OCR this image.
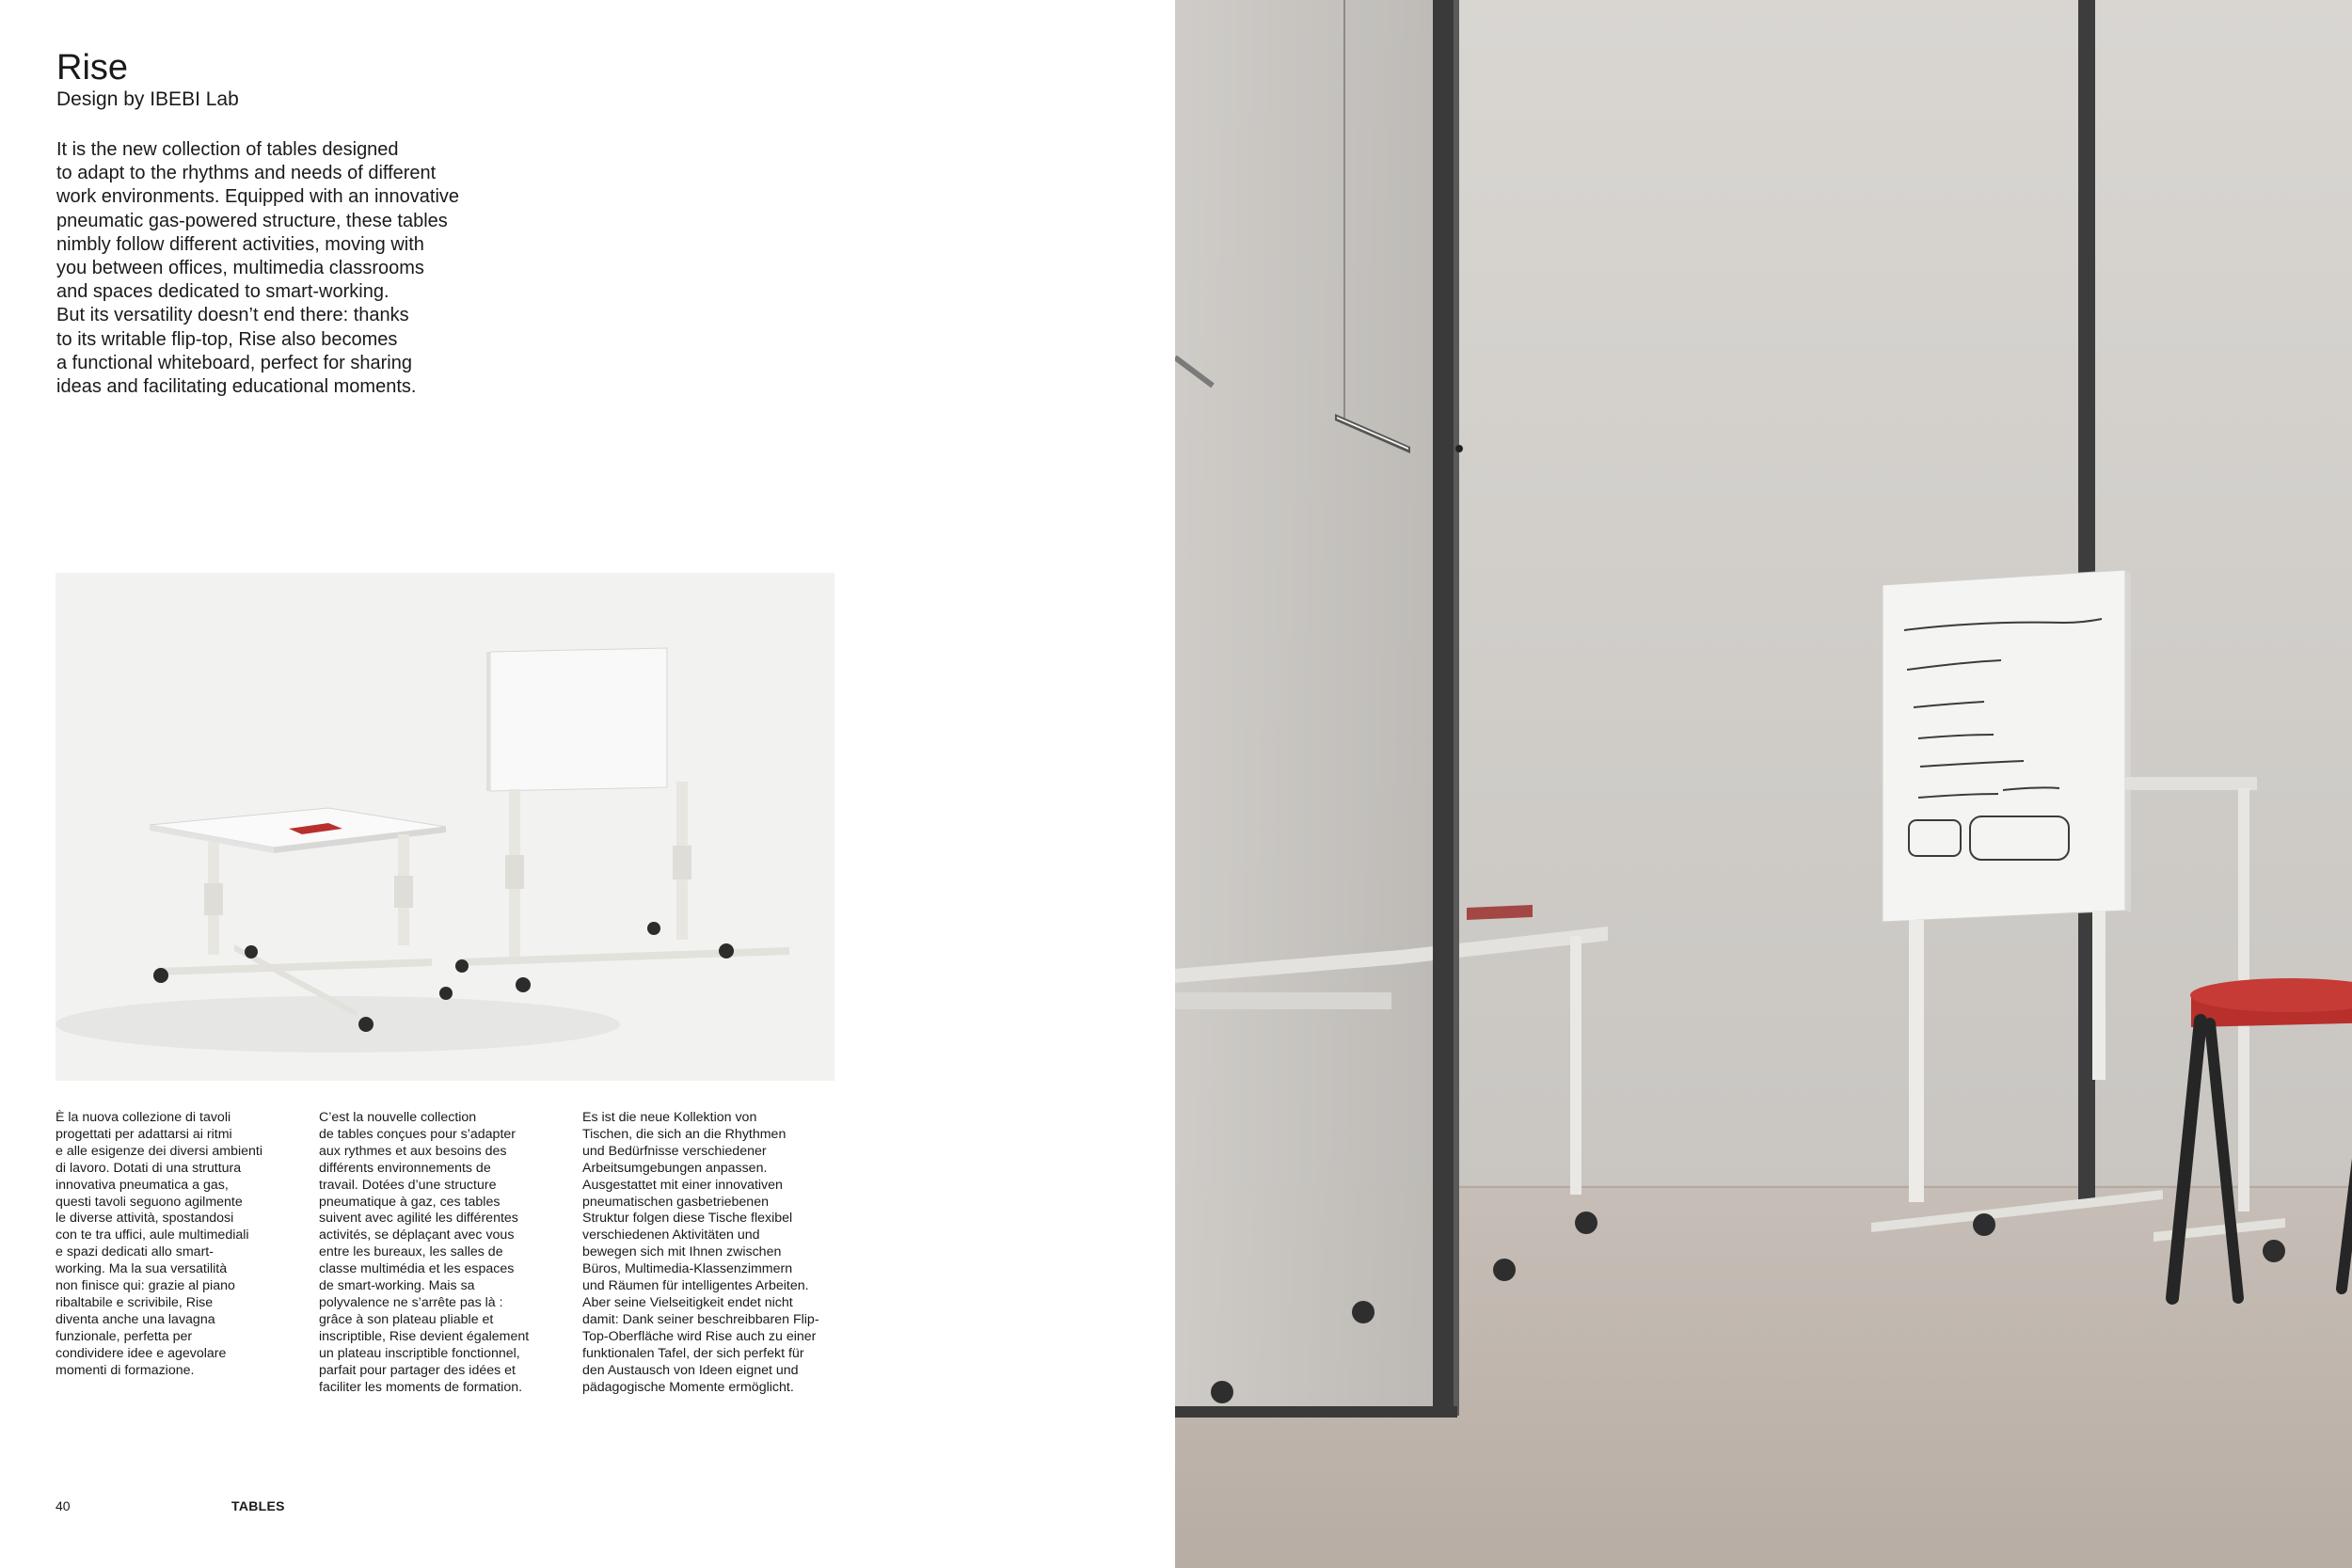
Rise

Design by IBEBI Lab

It is the new collection of tables designed
to adapt to the rhythms and needs of different
work environments. Equipped with an innovative
pneumatic gas-powered structure, these tables
nimbly follow different activities, moving with
you between offices, multimedia classrooms
and spaces dedicated to smart-working.
But its versatility doesn’t end there: thanks
to its writable flip-top, Rise also becomes
a functional whiteboard, perfect for sharing
ideas and facilitating educational moments.

È la nuova collezione di tavoli
progettati per adattarsi ai ritmi
e alle esigenze dei diversi ambienti
di lavoro. Dotati di una struttura
innovativa pneumatica a gas,
questi tavoli seguono agilmente
le diverse attività, spostandosi
con te tra uffici, aule multimediali
e spazi dedicati allo smart-
working. Ma la sua versatilità
non finisce qui: grazie al piano
ribaltabile e scrivibile, Rise
diventa anche una lavagna
funzionale, perfetta per
condividere idee e agevolare
momenti di formazione.

C’est la nouvelle collection
de tables conçues pour s’adapter
aux rythmes et aux besoins des
différents environnements de
travail. Dotées d’une structure
pneumatique à gaz, ces tables
suivent avec agilité les différentes
activités, se déplaçant avec vous
entre les bureaux, les salles de
classe multimédia et les espaces
de smart-working. Mais sa
polyvalence ne s’arrête pas là :
grâce à son plateau pliable et
inscriptible, Rise devient également
un plateau inscriptible fonctionnel,
parfait pour partager des idées et
faciliter les moments de formation.

Es ist die neue Kollektion von
Tischen, die sich an die Rhythmen
und Bedürfnisse verschiedener
Arbeitsumgebungen anpassen.
Ausgestattet mit einer innovativen
pneumatischen gasbetriebenen
Struktur folgen diese Tische flexibel
verschiedenen Aktivitäten und
bewegen sich mit Ihnen zwischen
Büros, Multimedia-Klassenzimmern
und Räumen für intelligentes Arbeiten.
Aber seine Vielseitigkeit endet nicht
damit: Dank seiner beschreibbaren Flip-
Top-Oberfläche wird Rise auch zu einer
funktionalen Tafel, der sich perfekt für
den Austausch von Ideen eignet und
pädagogische Momente ermöglicht.

40	TABLES
